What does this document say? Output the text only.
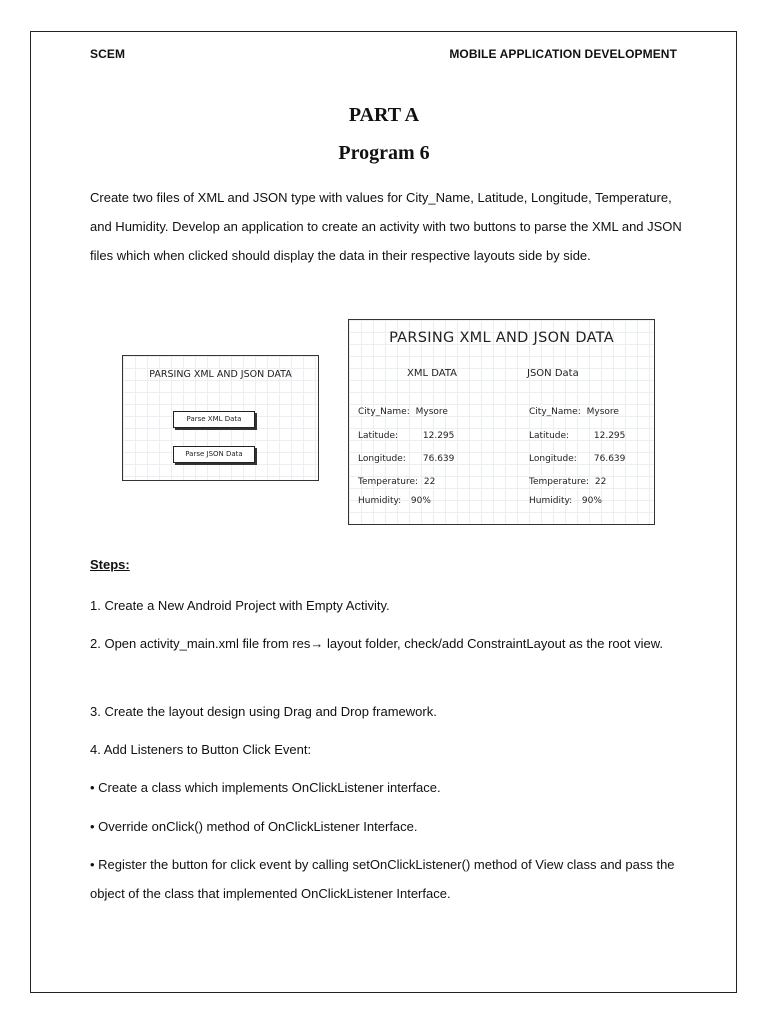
SCEM	MOBILE APPLICATION DEVELOPMENT
PART A
Program 6
Create two files of XML and JSON type with values for City_Name, Latitude, Longitude, Temperature, and Humidity. Develop an application to create an activity with two buttons to parse the XML and JSON files which when clicked should display the data in their respective layouts side by side.
PARSING XML AND JSON DATA
Parse XML Data
Parse JSON Data
PARSING XML AND JSON DATA
XML DATA	JSON Data
City_Name: Mysore
Latitude:	12.295
Longitude: 76.639
Temperature: 22
Humidity: 90%
City_Name: Mysore
Latitude:	12.295
Longitude: 76.639
Temperature: 22
Humidity: 90%
Steps:
1. Create a New Android Project with Empty Activity.
2. Open activity_main.xml file from res→ layout folder, check/add ConstraintLayout as the root view.
3. Create the layout design using Drag and Drop framework.
4. Add Listeners to Button Click Event:
• Create a class which implements OnClickListener interface.
• Override onClick() method of OnClickListener Interface.
• Register the button for click event by calling setOnClickListener() method of View class and pass the object of the class that implemented OnClickListener Interface.
